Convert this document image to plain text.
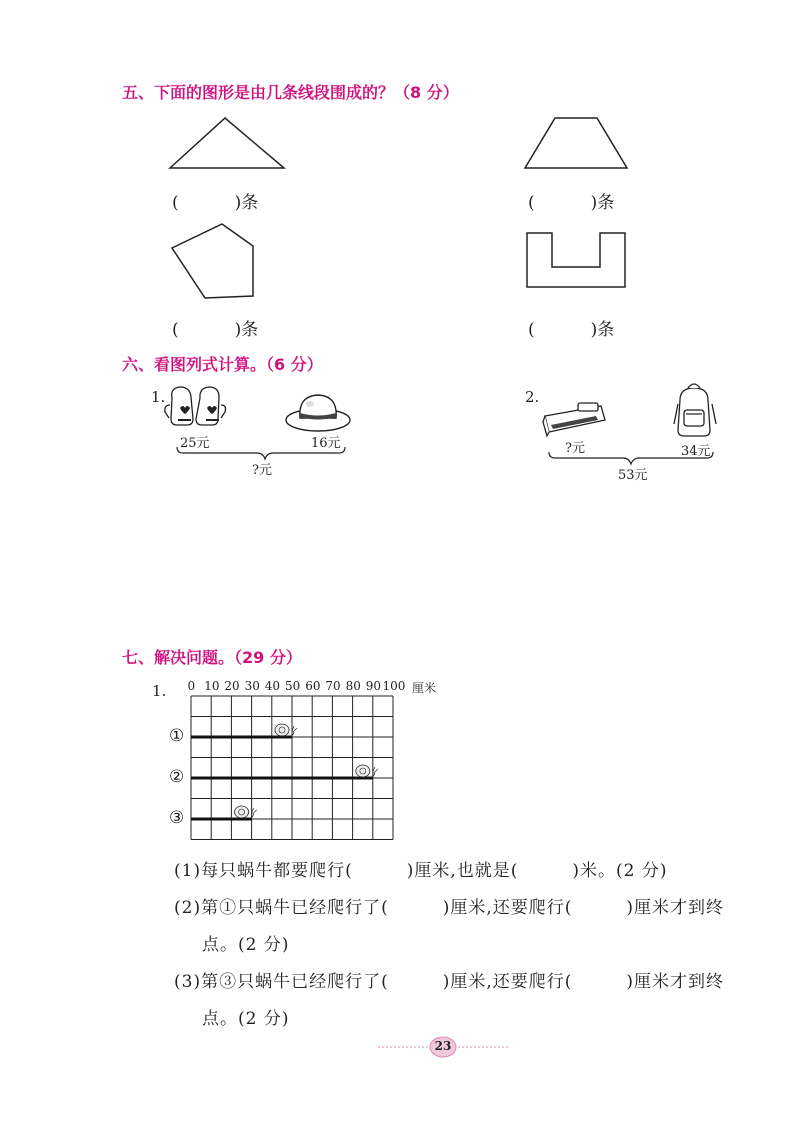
五、下面的图形是由几条线段围成的？（8 分）
(	)条	(	)条
(	)条	(	)条
六、看图列式计算。（6 分）
1.
25元	16元
?元
2.
?元	34元
53元
七、解决问题。（29 分）
1. 0 10 20 30 40 50 60 70 80 90 100 厘米
①
②
③
(1)每只蜗牛都要爬行(　　　)厘米,也就是(　　　)米。(2 分)
(2)第①只蜗牛已经爬行了(　　　)厘米,还要爬行(　　　)厘米才到终
点。(2 分)
(3)第③只蜗牛已经爬行了(　　　)厘米,还要爬行(　　　)厘米才到终
点。(2 分)
23
